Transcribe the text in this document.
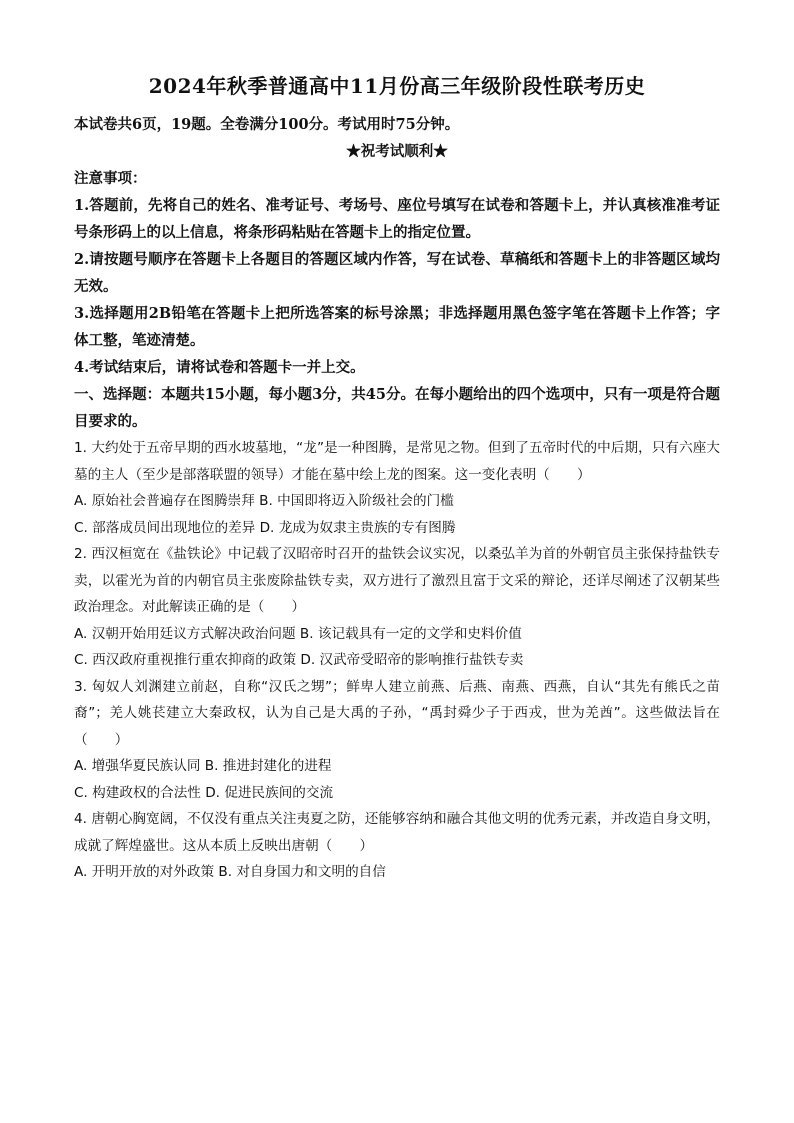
2024年秋季普通高中11月份高三年级阶段性联考历史

本试卷共6页，19题。全卷满分100分。考试用时75分钟。

★祝考试顺利★

注意事项：

1.答题前，先将自己的姓名、准考证号、考场号、座位号填写在试卷和答题卡上，并认真核准准考证号条形码上的以上信息，将条形码粘贴在答题卡上的指定位置。

2.请按题号顺序在答题卡上各题目的答题区域内作答，写在试卷、草稿纸和答题卡上的非答题区域均无效。

3.选择题用2B铅笔在答题卡上把所选答案的标号涂黑；非选择题用黑色签字笔在答题卡上作答；字体工整，笔迹清楚。

4.考试结束后，请将试卷和答题卡一并上交。

一、选择题：本题共15小题，每小题3分，共45分。在每小题给出的四个选项中，只有一项是符合题目要求的。

1. 大约处于五帝早期的西水坡墓地，“龙”是一种图腾，是常见之物。但到了五帝时代的中后期，只有六座大墓的主人（至少是部落联盟的领导）才能在墓中绘上龙的图案。这一变化表明（　　）

A. 原始社会普遍存在图腾崇拜 B. 中国即将迈入阶级社会的门槛

C. 部落成员间出现地位的差异 D. 龙成为奴隶主贵族的专有图腾

2. 西汉桓宽在《盐铁论》中记载了汉昭帝时召开的盐铁会议实况，以桑弘羊为首的外朝官员主张保持盐铁专卖，以霍光为首的内朝官员主张废除盐铁专卖，双方进行了激烈且富于文采的辩论，还详尽阐述了汉朝某些政治理念。对此解读正确的是（　　）

A. 汉朝开始用廷议方式解决政治问题 B. 该记载具有一定的文学和史料价值

C. 西汉政府重视推行重农抑商的政策 D. 汉武帝受昭帝的影响推行盐铁专卖

3. 匈奴人刘渊建立前赵，自称“汉氏之甥”；鲜卑人建立前燕、后燕、南燕、西燕，自认“其先有熊氏之苗裔”；羌人姚苌建立大秦政权，认为自己是大禹的子孙，“禹封舜少子于西戎，世为羌酋”。这些做法旨在（　　）

A. 增强华夏民族认同 B. 推进封建化的进程

C. 构建政权的合法性 D. 促进民族间的交流

4. 唐朝心胸宽阔，不仅没有重点关注夷夏之防，还能够容纳和融合其他文明的优秀元素，并改造自身文明，成就了辉煌盛世。这从本质上反映出唐朝（　　）

A. 开明开放的对外政策 B. 对自身国力和文明的自信
